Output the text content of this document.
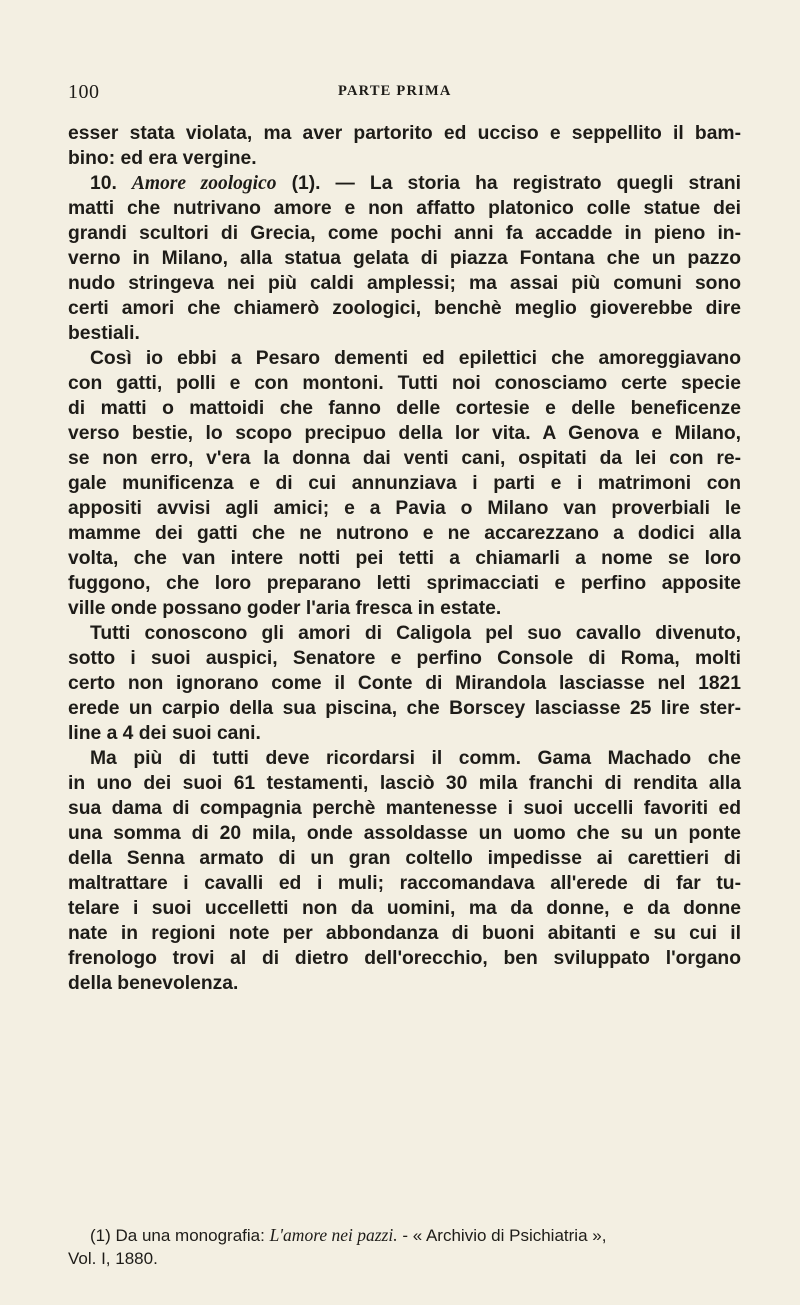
100	PARTE PRIMA
esser stata violata, ma aver partorito ed ucciso e seppellito il bam-
bino: ed era vergine.
10. Amore zoologico (1). — La storia ha registrato quegli strani
matti che nutrivano amore e non affatto platonico colle statue dei
grandi scultori di Grecia, come pochi anni fa accadde in pieno in-
verno in Milano, alla statua gelata di piazza Fontana che un pazzo
nudo stringeva nei più caldi amplessi; ma assai più comuni sono
certi amori che chiamerò zoologici, benchè meglio gioverebbe dire
bestiali.
Così io ebbi a Pesaro dementi ed epilettici che amoreggiavano
con gatti, polli e con montoni. Tutti noi conosciamo certe specie
di matti o mattoidi che fanno delle cortesie e delle beneficenze
verso bestie, lo scopo precipuo della lor vita. A Genova e Milano,
se non erro, v'era la donna dai venti cani, ospitati da lei con re-
gale munificenza e di cui annunziava i parti e i matrimoni con
appositi avvisi agli amici; e a Pavia o Milano van proverbiali le
mamme dei gatti che ne nutrono e ne accarezzano a dodici alla
volta, che van intere notti pei tetti a chiamarli a nome se loro
fuggono, che loro preparano letti sprimacciati e perfino apposite
ville onde possano goder l'aria fresca in estate.
Tutti conoscono gli amori di Caligola pel suo cavallo divenuto,
sotto i suoi auspici, Senatore e perfino Console di Roma, molti
certo non ignorano come il Conte di Mirandola lasciasse nel 1821
erede un carpio della sua piscina, che Borscey lasciasse 25 lire ster-
line a 4 dei suoi cani.
Ma più di tutti deve ricordarsi il comm. Gama Machado che
in uno dei suoi 61 testamenti, lasciò 30 mila franchi di rendita alla
sua dama di compagnia perchè mantenesse i suoi uccelli favoriti ed
una somma di 20 mila, onde assoldasse un uomo che su un ponte
della Senna armato di un gran coltello impedisse ai carettieri di
maltrattare i cavalli ed i muli; raccomandava all'erede di far tu-
telare i suoi uccelletti non da uomini, ma da donne, e da donne
nate in regioni note per abbondanza di buoni abitanti e su cui il
frenologo trovi al di dietro dell'orecchio, ben sviluppato l'organo
della benevolenza.
(1) Da una monografia: L'amore nei pazzi. - « Archivio di Psichiatria »,
Vol. I, 1880.
